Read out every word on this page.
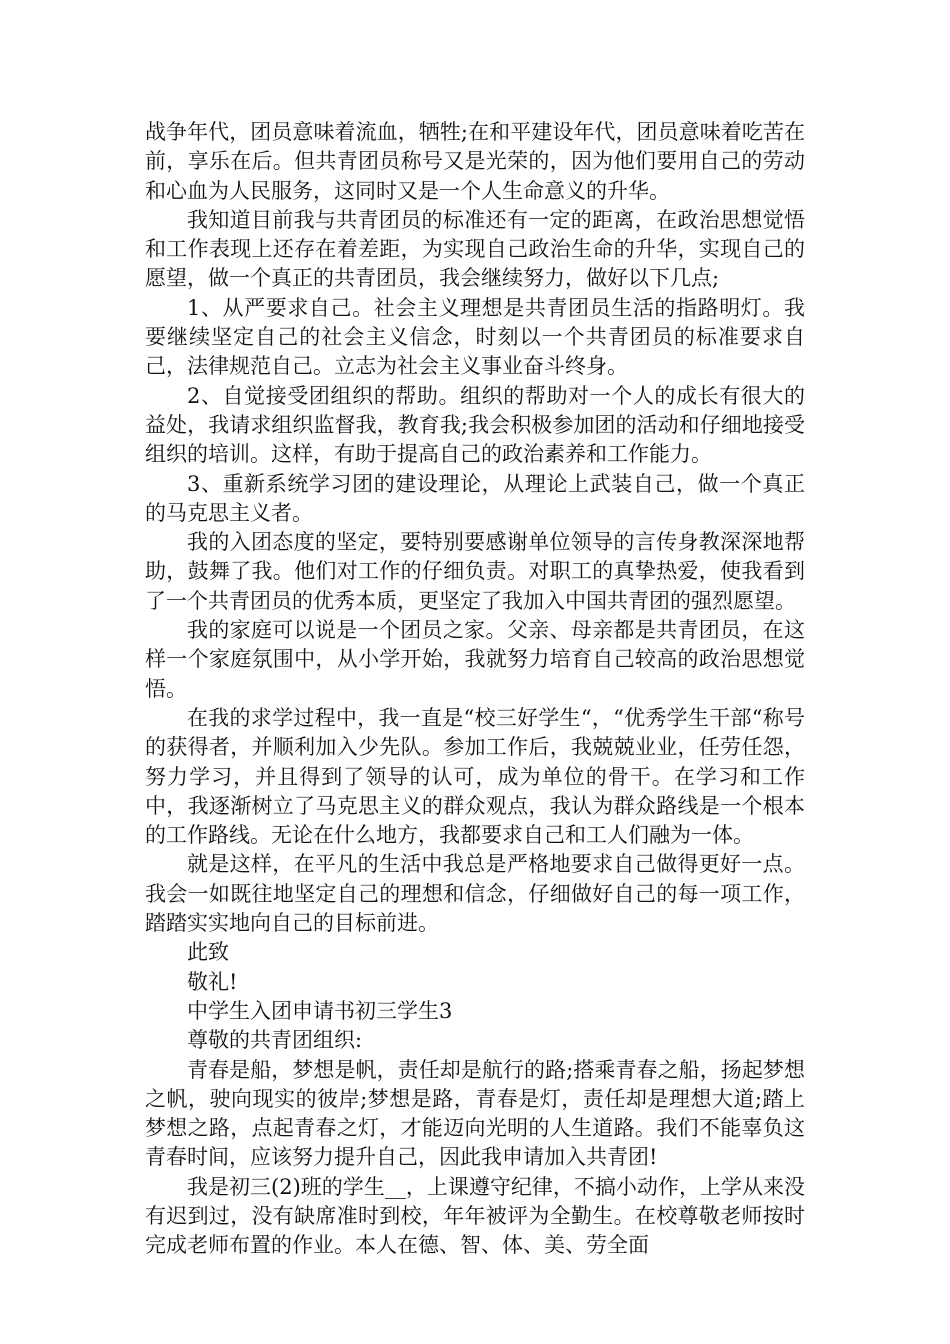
战争年代，团员意味着流血，牺牲;在和平建设年代，团员意味着吃苦在前，享乐在后。但共青团员称号又是光荣的，因为他们要用自己的劳动和心血为人民服务，这同时又是一个人生命意义的升华。

我知道目前我与共青团员的标准还有一定的距离，在政治思想觉悟和工作表现上还存在着差距，为实现自己政治生命的升华，实现自己的愿望，做一个真正的共青团员，我会继续努力，做好以下几点;

1、从严要求自己。社会主义理想是共青团员生活的指路明灯。我要继续坚定自己的社会主义信念，时刻以一个共青团员的标准要求自己，法律规范自己。立志为社会主义事业奋斗终身。

2、自觉接受团组织的帮助。组织的帮助对一个人的成长有很大的益处，我请求组织监督我，教育我;我会积极参加团的活动和仔细地接受组织的培训。这样，有助于提高自己的政治素养和工作能力。

3、重新系统学习团的建设理论，从理论上武装自己，做一个真正的马克思主义者。

我的入团态度的坚定，要特别要感谢单位领导的言传身教深深地帮助，鼓舞了我。他们对工作的仔细负责。对职工的真挚热爱，使我看到了一个共青团员的优秀本质，更坚定了我加入中国共青团的强烈愿望。

我的家庭可以说是一个团员之家。父亲、母亲都是共青团员，在这样一个家庭氛围中，从小学开始，我就努力培育自己较高的政治思想觉悟。

在我的求学过程中，我一直是“校三好学生“，“优秀学生干部“称号的获得者，并顺利加入少先队。参加工作后，我兢兢业业，任劳任怨，努力学习，并且得到了领导的认可，成为单位的骨干。在学习和工作中，我逐渐树立了马克思主义的群众观点，我认为群众路线是一个根本的工作路线。无论在什么地方，我都要求自己和工人们融为一体。

就是这样，在平凡的生活中我总是严格地要求自己做得更好一点。我会一如既往地坚定自己的理想和信念，仔细做好自己的每一项工作，踏踏实实地向自己的目标前进。

此致

敬礼!

中学生入团申请书初三学生3

尊敬的共青团组织:

青春是船，梦想是帆，责任却是航行的路;搭乘青春之船，扬起梦想之帆，驶向现实的彼岸;梦想是路，青春是灯，责任却是理想大道;踏上梦想之路，点起青春之灯，才能迈向光明的人生道路。我们不能辜负这青春时间，应该努力提升自己，因此我申请加入共青团!

我是初三(2)班的学生__，上课遵守纪律，不搞小动作，上学从来没有迟到过，没有缺席准时到校，年年被评为全勤生。在校尊敬老师按时完成老师布置的作业。本人在德、智、体、美、劳全面
